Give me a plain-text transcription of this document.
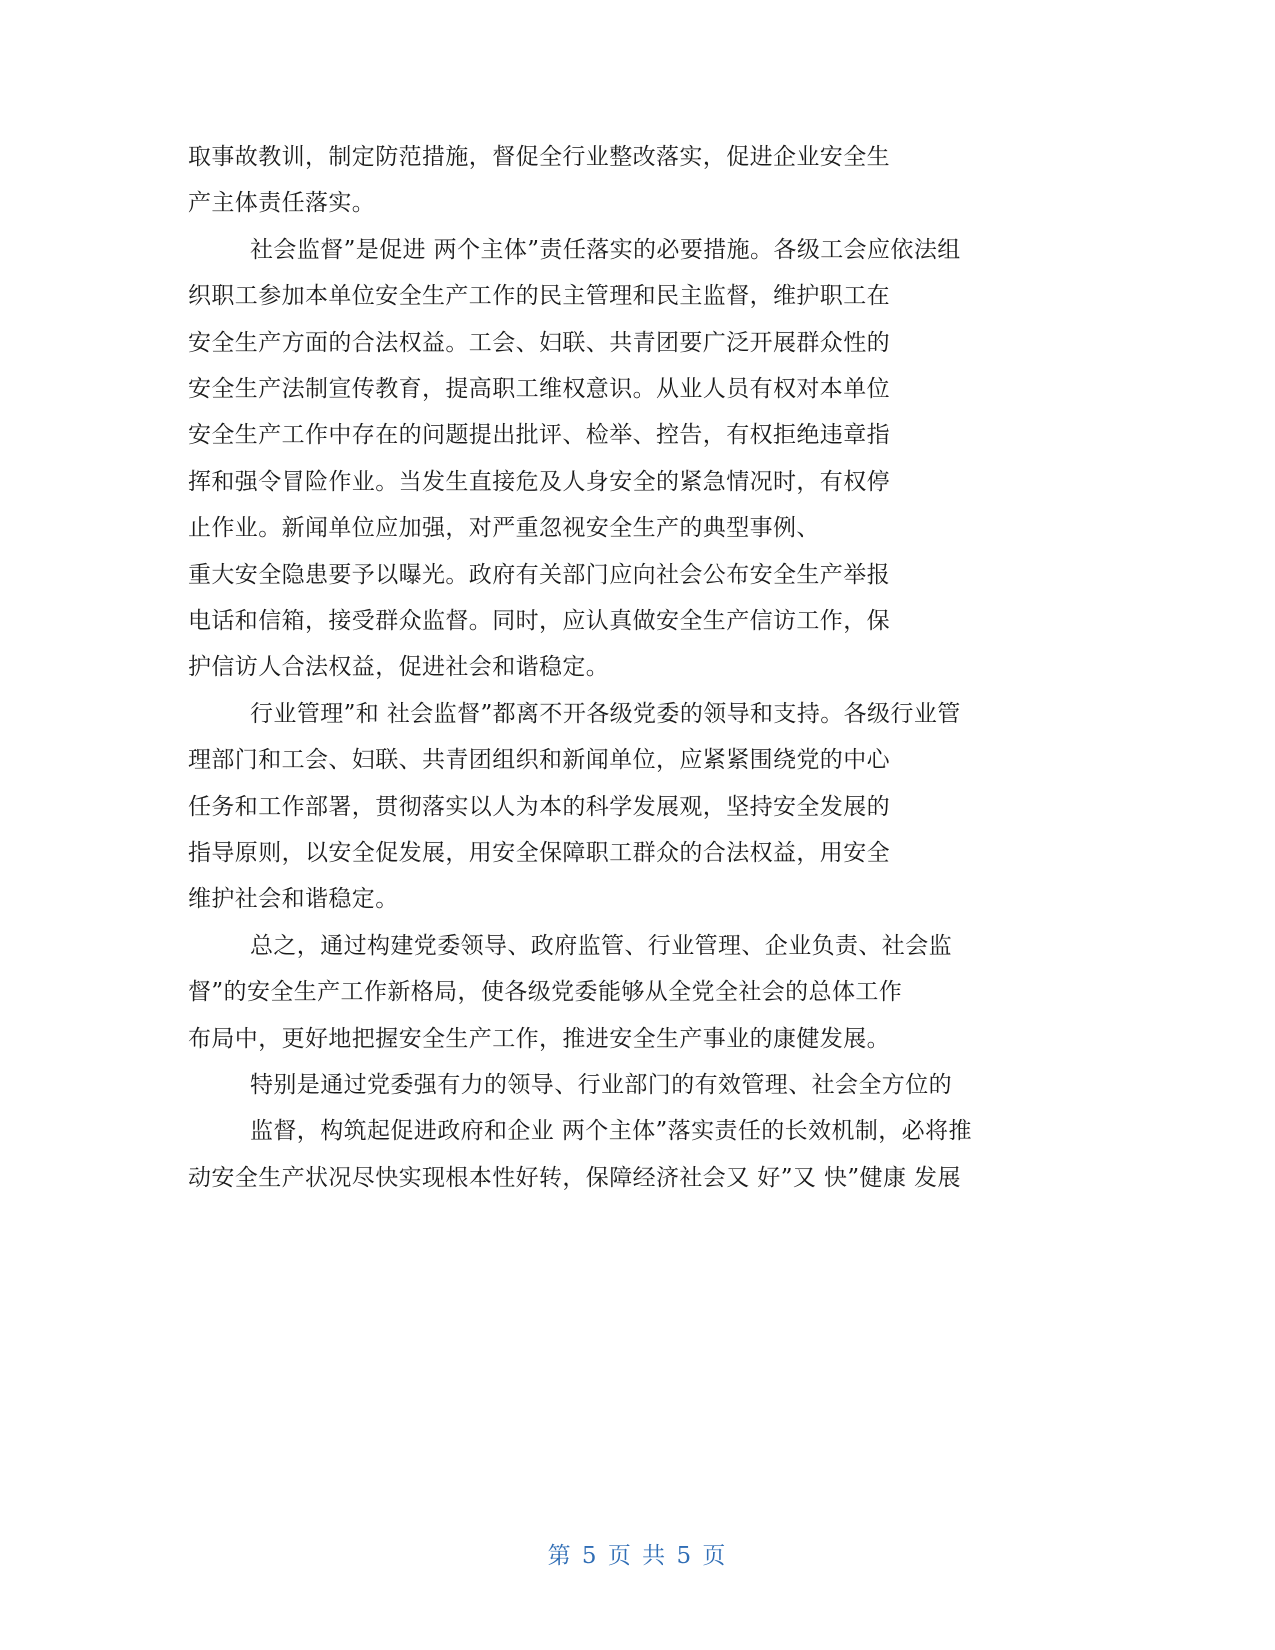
取事故教训，制定防范措施，督促全行业整改落实，促进企业安全生
产主体责任落实。
社会监督”是促进 两个主体”责任落实的必要措施。各级工会应依法组
织职工参加本单位安全生产工作的民主管理和民主监督，维护职工在
安全生产方面的合法权益。工会、妇联、共青团要广泛开展群众性的
安全生产法制宣传教育，提高职工维权意识。从业人员有权对本单位
安全生产工作中存在的问题提出批评、检举、控告，有权拒绝违章指
挥和强令冒险作业。当发生直接危及人身安全的紧急情况时，有权停
止作业。新闻单位应加强，对严重忽视安全生产的典型事例、
重大安全隐患要予以曝光。政府有关部门应向社会公布安全生产举报
电话和信箱，接受群众监督。同时，应认真做安全生产信访工作，保
护信访人合法权益，促进社会和谐稳定。
行业管理”和 社会监督”都离不开各级党委的领导和支持。各级行业管
理部门和工会、妇联、共青团组织和新闻单位，应紧紧围绕党的中心
任务和工作部署，贯彻落实以人为本的科学发展观，坚持安全发展的
指导原则，以安全促发展，用安全保障职工群众的合法权益，用安全
维护社会和谐稳定。
总之，通过构建党委领导、政府监管、行业管理、企业负责、社会监
督”的安全生产工作新格局，使各级党委能够从全党全社会的总体工作
布局中，更好地把握安全生产工作，推进安全生产事业的康健发展。
特别是通过党委强有力的领导、行业部门的有效管理、社会全方位的
监督，构筑起促进政府和企业 两个主体”落实责任的长效机制，必将推
动安全生产状况尽快实现根本性好转，保障经济社会又 好”又 快”健康 发展
第 5 页 共 5 页
